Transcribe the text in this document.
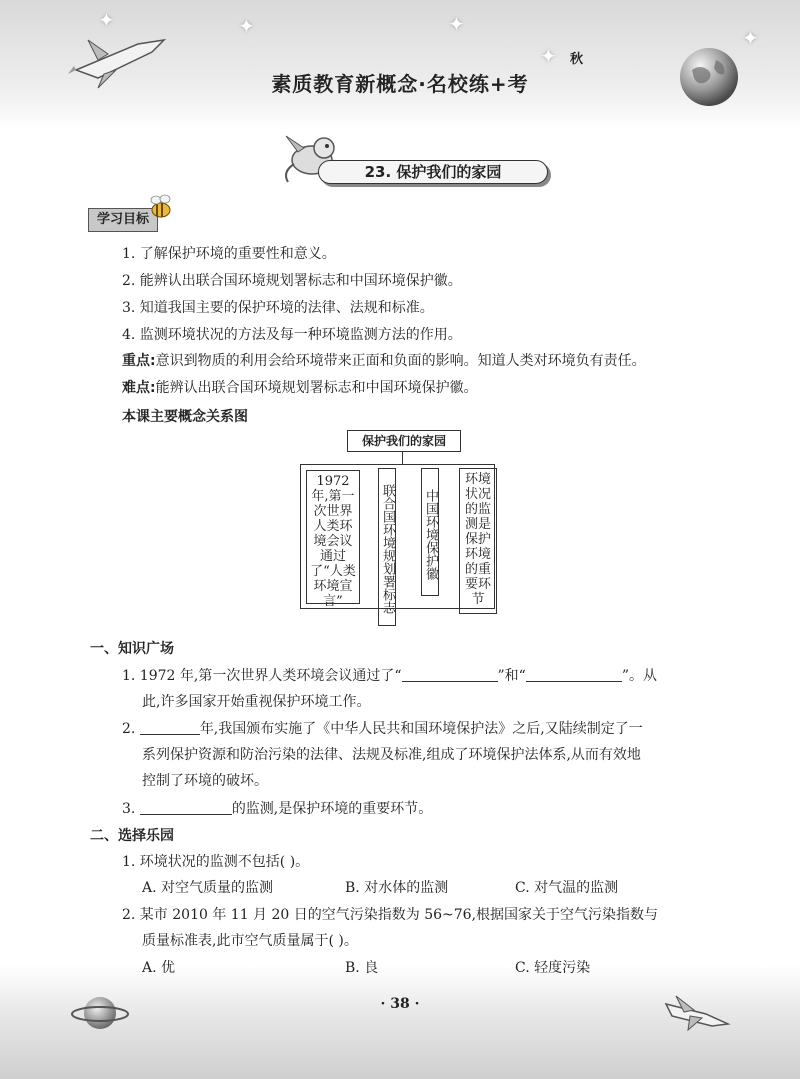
✦	✦	✦
✦
✦
素质教育新概念·名校练+考
秋
23. 保护我们的家园
学习目标
1. 了解保护环境的重要性和意义。
2. 能辨认出联合国环境规划署标志和中国环境保护徽。
3. 知道我国主要的保护环境的法律、法规和标准。
4. 监测环境状况的方法及每一种环境监测方法的作用。
重点:意识到物质的利用会给环境带来正面和负面的影响。知道人类对环境负有责任。
难点:能辨认出联合国环境规划署标志和中国环境保护徽。
本课主要概念关系图
保护我们的家园
1972年,第一次世界人类环境会议通过了“人类环境宣言”	联合国环境规划署标志 中国环境保护徽
环境状况的监测是保护环境的重要环节
一、知识广场
1. 1972 年,第一次世界人类环境会议通过了“	”和“	”。从
此,许多国家开始重视保护环境工作。
2.	年,我国颁布实施了《中华人民共和国环境保护法》之后,又陆续制定了一
系列保护资源和防治污染的法律、法规及标准,组成了环境保护法体系,从而有效地
控制了环境的破坏。
3.	的监测,是保护环境的重要环节。
二、选择乐园
1. 环境状况的监测不包括( )。
A. 对空气质量的监测	B. 对水体的监测	C. 对气温的监测
2. 某市 2010 年 11 月 20 日的空气污染指数为 56~76,根据国家关于空气污染指数与
质量标准表,此市空气质量属于( )。
A. 优	B. 良	C. 轻度污染
· 38 ·
